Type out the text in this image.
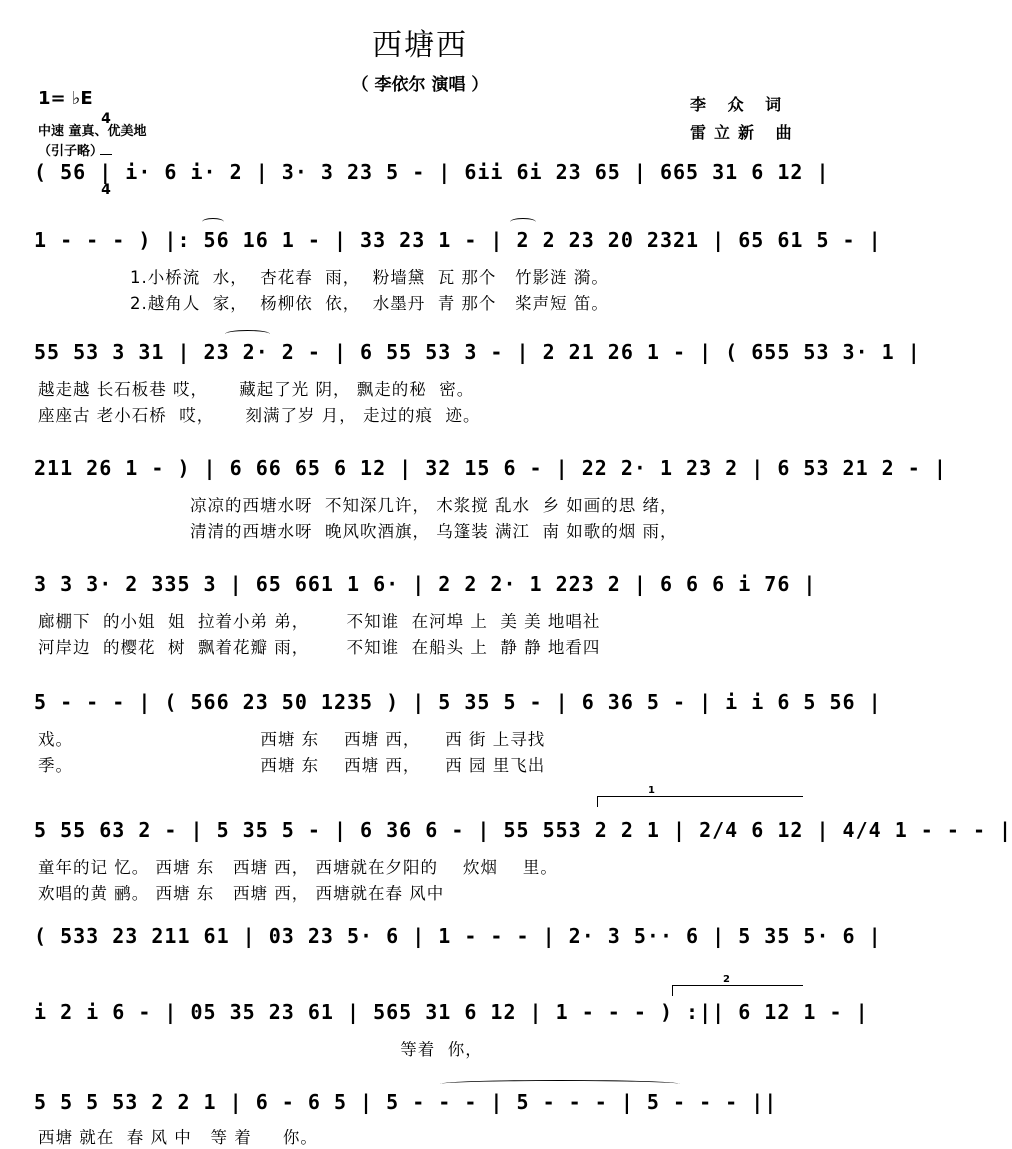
西塘西
（ 李依尔 演唱 ）
1= ♭E

4

4

中速 童真、优美地
（引子略）
李 众 词
雷立新 曲
( 56 | i· 6 i· 2 | 3· 3 23 5 - | 6ii 6i 23 65 | 665 31 6 12 |
1 - - - ) |: 56 16 1 - | 33 23 1 - | 2 2 23 20 2321 | 65 61 5 - |
1.小桥流  水，  杏花春  雨，  粉墙黛  瓦 那个   竹影涟 漪。
2.越角人  家，  杨柳依  依，  水墨丹  青 那个   桨声短 笛。
55 53 3 31 | 23 2· 2 - | 6 55 53 3 - | 2 21 26 1 - | ( 655 53 3· 1 |
越走越 长石板巷 哎，     藏起了光 阴， 飘走的秘  密。
座座古 老小石桥  哎，     刻满了岁 月， 走过的痕  迹。
211 26 1 - ) | 6 66 65 6 12 | 32 15 6 - | 22 2· 1 23 2 | 6 53 21 2 - |
凉凉的西塘水呀  不知深几许， 木浆搅 乱水  乡 如画的思 绪，
清清的西塘水呀  晚风吹酒旗， 乌篷装 满江  南 如歌的烟 雨，
3 3 3· 2 335 3 | 65 661 1 6· | 2 2 2· 1 223 2 | 6 6 6 i 76 |
廊棚下  的小姐  姐  拉着小弟 弟，      不知谁  在河埠 上  美 美 地唱社
河岸边  的樱花  树  飘着花瓣 雨，      不知谁  在船头 上  静 静 地看四
5 - - - | ( 566 23 50 1235 ) | 5 35 5 - | 6 36 5 - | i i 6 5 56 |
戏。                              西塘 东    西塘 西，    西 街 上寻找
季。                              西塘 东    西塘 西，    西 园 里飞出
1
5 55 63 2 - | 5 35 5 - | 6 36 6 - | 55 553 2 2 1 | 2/4 6 12 | 4/4 1 - - - |
童年的记 忆。 西塘 东   西塘 西， 西塘就在夕阳的    炊烟    里。
欢唱的黄 鹂。 西塘 东   西塘 西， 西塘就在春 风中
( 533 23 211 61 | 03 23 5· 6 | 1 - - - | 2· 3 5·· 6 | 5 35 5· 6 |
2
i 2 i 6 - | 05 35 23 61 | 565 31 6 12 | 1 - - - ) :|| 6 12 1 - |
等着  你，
5 5 5 53 2 2 1 | 6 - 6 5 | 5 - - - | 5 - - - | 5 - - - ||
西塘 就在  春 风 中   等 着     你。
